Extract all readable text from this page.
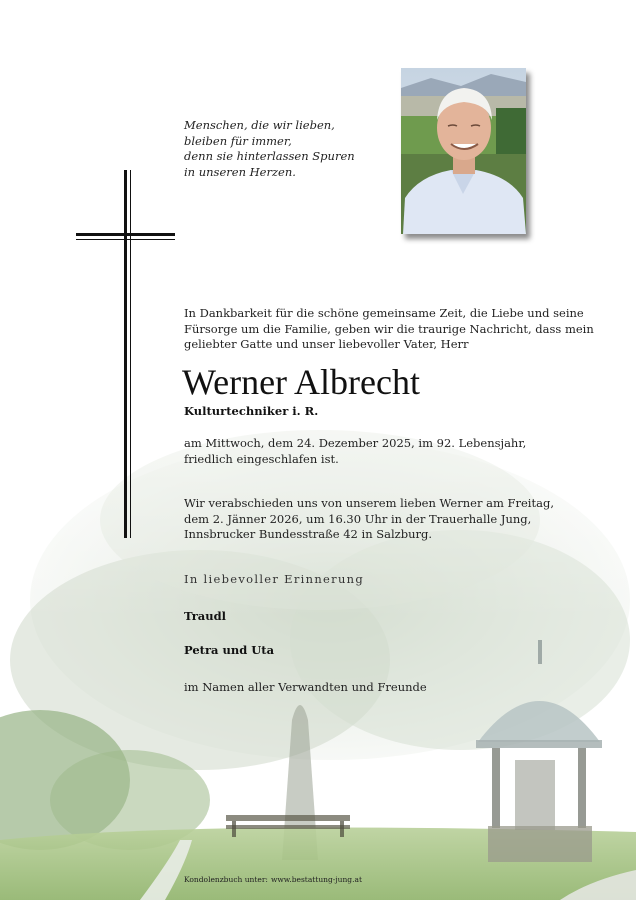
Menschen, die wir lieben,
bleiben für immer,
denn sie hinterlassen Spuren
in unseren Herzen.
In Dankbarkeit für die schöne gemeinsame Zeit, die Liebe und seine
Fürsorge um die Familie, geben wir die traurige Nachricht, dass mein
geliebter Gatte und unser liebevoller Vater, Herr
Werner Albrecht
Kulturtechniker i. R.
am Mittwoch, dem 24. Dezember 2025, im 92. Lebensjahr,
friedlich eingeschlafen ist.
Wir verabschieden uns von unserem lieben Werner am Freitag,
dem 2. Jänner 2026, um 16.30 Uhr in der Trauerhalle Jung,
Innsbrucker Bundesstraße 42 in Salzburg.
In liebevoller Erinnerung
Traudl
Petra und Uta
im Namen aller Verwandten und Freunde
Kondolenzbuch unter: www.bestattung-jung.at
